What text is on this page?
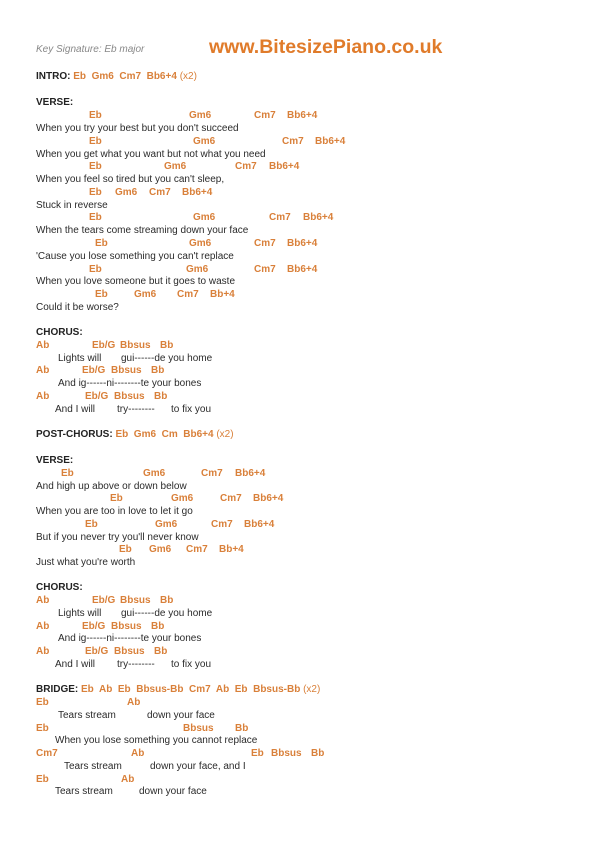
Key Signature: Eb major	www.BitesizePiano.co.uk
INTRO: Eb  Gm6  Cm7  Bb6+4 (x2)
VERSE:
Eb	Gm6	Cm7 Bb6+4
When you try your best but you don't succeed
Eb	Gm6	Cm7 Bb6+4
When you get what you want but not what you need
Eb	Gm6	Cm7 Bb6+4
When you feel so tired but you can't sleep,
Eb Gm6 Cm7 Bb6+4
Stuck in reverse
Eb	Gm6	Cm7 Bb6+4
When the tears come streaming down your face
Eb	Gm6	Cm7 Bb6+4
'Cause you lose something you can't replace
Eb	Gm6	Cm7 Bb6+4
When you love someone but it goes to waste
Eb	Gm6 Cm7 Bb+4
Could it be worse?
CHORUS:
Ab	Eb/G Bbsus Bb
Lights will gui------de you home
Ab	Eb/G Bbsus Bb
And ig------ni--------te your bones
Ab	Eb/G Bbsus Bb
And I will try-------- to fix you
POST-CHORUS: Eb  Gm6  Cm  Bb6+4 (x2)
VERSE:
Eb	Gm6	Cm7 Bb6+4
And high up above or down below
Eb	Gm6	Cm7 Bb6+4
When you are too in love to let it go
Eb	Gm6	Cm7 Bb6+4
But if you never try you'll never know
Eb Gm6 Cm7 Bb+4
Just what you're worth
CHORUS:
Ab	Eb/G Bbsus Bb
Lights will gui------de you home
Ab	Eb/G Bbsus Bb
And ig------ni--------te your bones
Ab	Eb/G Bbsus Bb
And I will try-------- to fix you
BRIDGE: Eb  Ab  Eb  Bbsus-Bb  Cm7  Ab  Eb  Bbsus-Bb (x2)
Eb	Ab
Tears stream	down your face
Eb	Bbsus Bb
When you lose something you cannot replace
Cm7	Ab	Eb Bbsus Bb
Tears stream	down your face, and I
Eb	Ab
Tears stream	down your face
